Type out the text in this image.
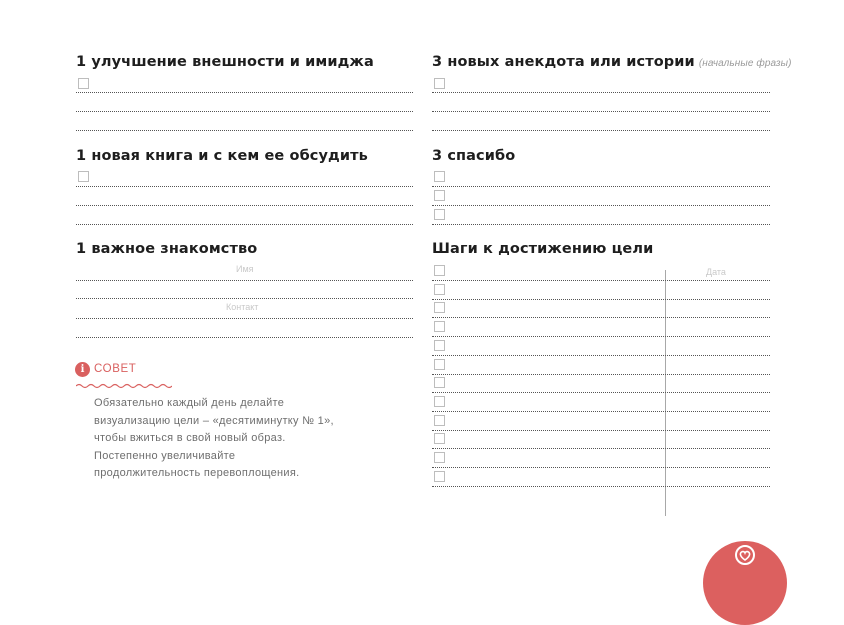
1 улучшение внешности и имиджа
1 новая книга и с кем ее обсудить
1 важное знакомство
Имя
Контакт
i СОВЕТ
Обязательно каждый день делайте
визуализацию цели – «десятиминутку № 1»,
чтобы вжиться в свой новый образ.
Постепенно увеличивайте
продолжительность перевоплощения.
3 новых анекдота или истории (начальные фразы)
3 спасибо
Шаги к достижению цели
Дата
